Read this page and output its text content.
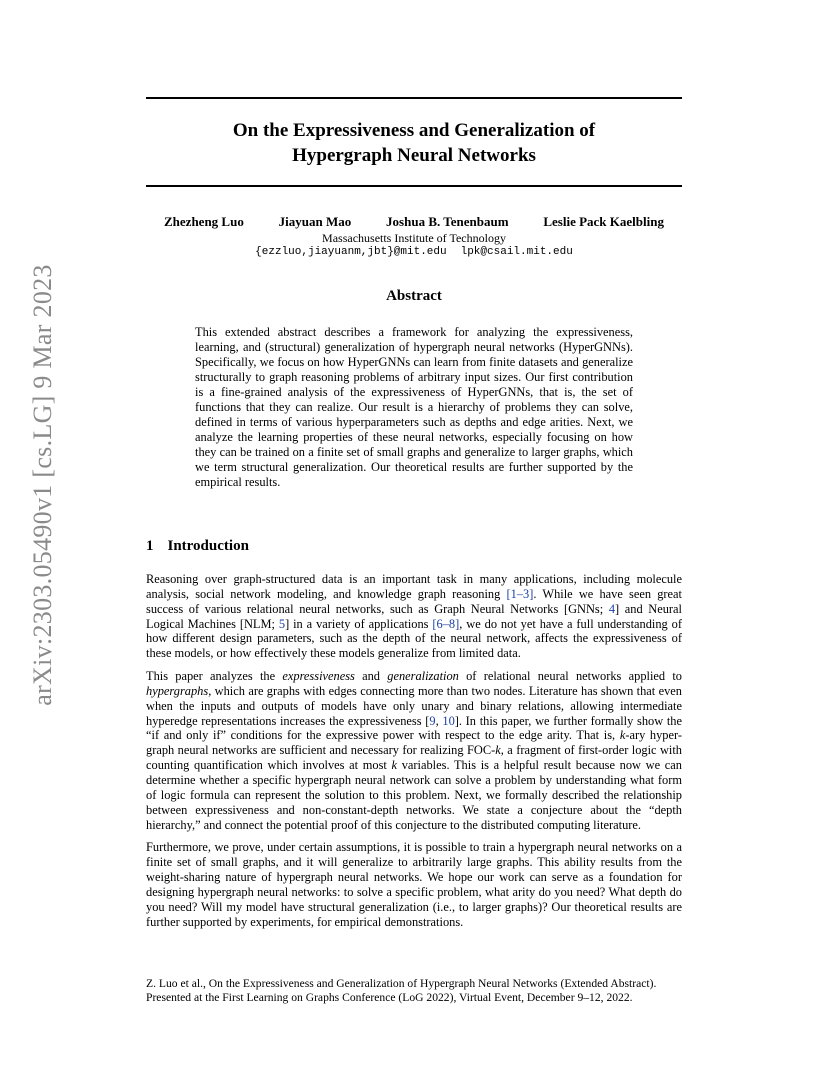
arXiv:2303.05490v1 [cs.LG] 9 Mar 2023
On the Expressiveness and Generalization of
Hypergraph Neural Networks
Zhezheng Luo	Jiayuan Mao	Joshua B. Tenenbaum	Leslie Pack Kaelbling
Massachusetts Institute of Technology
{ezzluo,jiayuanm,jbt}@mit.edu lpk@csail.mit.edu
Abstract
This extended abstract describes a framework for analyzing the expressiveness, learning, and (structural) generalization of hypergraph neural networks (HyperGNNs). Specifically, we focus on how HyperGNNs can learn from finite datasets and generalize structurally to graph reasoning problems of arbitrary input sizes. Our first contribution is a fine-grained analysis of the expressiveness of HyperGNNs, that is, the set of functions that they can realize. Our result is a hierarchy of problems they can solve, defined in terms of various hyperparameters such as depths and edge arities. Next, we analyze the learning properties of these neural networks, especially focusing on how they can be trained on a finite set of small graphs and generalize to larger graphs, which we term structural generalization. Our theoretical results are further supported by the empirical results.
1 Introduction

Reasoning over graph-structured data is an important task in many applications, including molecule analysis, social network modeling, and knowledge graph reasoning [1–3]. While we have seen great success of various relational neural networks, such as Graph Neural Networks [GNNs; 4] and Neural Logical Machines [NLM; 5] in a variety of applications [6–8], we do not yet have a full understanding of how different design parameters, such as the depth of the neural network, affects the expressiveness of these models, or how effectively these models generalize from limited data.

This paper analyzes the expressiveness and generalization of relational neural networks applied to hypergraphs, which are graphs with edges connecting more than two nodes. Literature has shown that even when the inputs and outputs of models have only unary and binary relations, allowing intermediate hyperedge representations increases the expressiveness [9, 10]. In this paper, we further formally show the “if and only if” conditions for the expressive power with respect to the edge arity. That is, k-ary hyper-graph neural networks are sufficient and necessary for realizing FOC-k, a fragment of first-order logic with counting quantification which involves at most k variables. This is a helpful result because now we can determine whether a specific hypergraph neural network can solve a problem by understanding what form of logic formula can represent the solution to this problem. Next, we formally described the relationship between expressiveness and non-constant-depth networks. We state a conjecture about the “depth hierarchy,” and connect the potential proof of this conjecture to the distributed computing literature.

Furthermore, we prove, under certain assumptions, it is possible to train a hypergraph neural networks on a finite set of small graphs, and it will generalize to arbitrarily large graphs. This ability results from the weight-sharing nature of hypergraph neural networks. We hope our work can serve as a foundation for designing hypergraph neural networks: to solve a specific problem, what arity do you need? What depth do you need? Will my model have structural generalization (i.e., to larger graphs)? Our theoretical results are further supported by experiments, for empirical demonstrations.

Z. Luo et al., On the Expressiveness and Generalization of Hypergraph Neural Networks (Extended Abstract).
Presented at the First Learning on Graphs Conference (LoG 2022), Virtual Event, December 9–12, 2022.
